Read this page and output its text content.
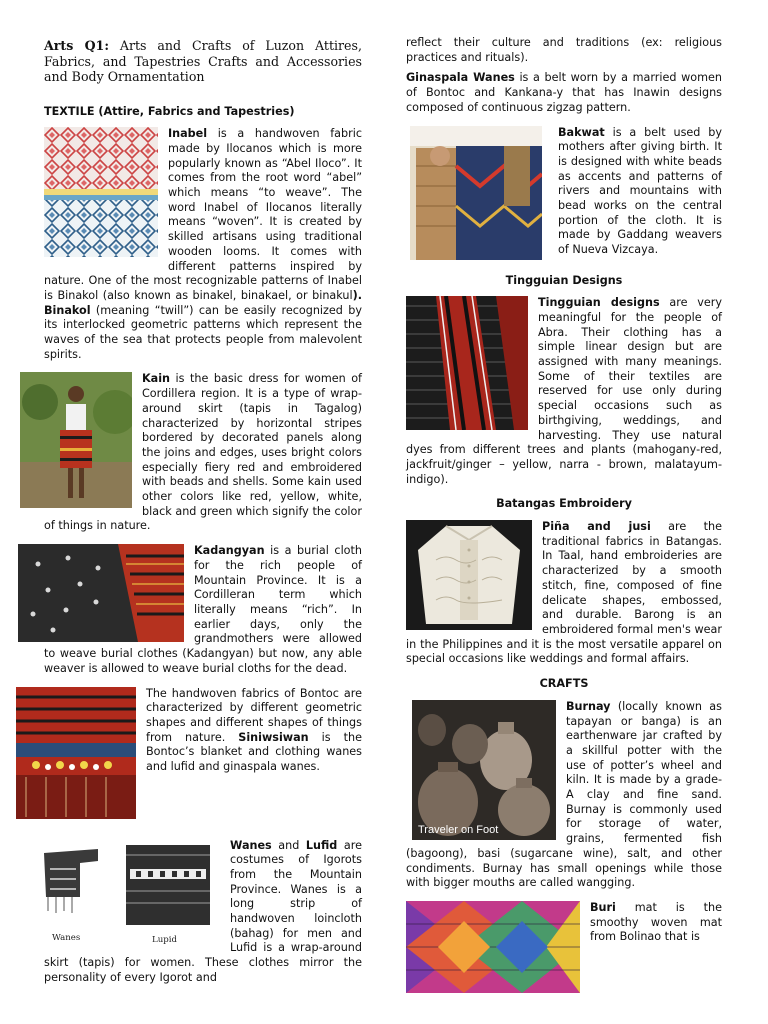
Arts Q1: Arts and Crafts of Luzon Attires, Fabrics, and Tapestries Crafts and Accessories and Body Ornamentation
TEXTILE (Attire, Fabrics and Tapestries)

Inabel is a handwoven fabric made by Ilocanos which is more popularly known as “Abel Iloco”. It comes from the root word “abel” which means “to weave”. The word Inabel of Ilocanos literally means “woven”. It is created by skilled artisans using traditional wooden looms. It comes with different patterns inspired by nature. One of the most recognizable patterns of Inabel is Binakol (also known as binakel, binakael, or binakul). Binakol (meaning “twill”) can be easily recognized by its interlocked geometric patterns which represent the waves of the sea that protects people from malevolent spirits.

Kain is the basic dress for women of Cordillera region. It is a type of wrap-around skirt (tapis in Tagalog) characterized by horizontal stripes bordered by decorated panels along the joins and edges, uses bright colors especially fiery red and embroidered with beads and shells. Some kain used other colors like red, yellow, white, black and green which signify the color of things in nature.

Kadangyan is a burial cloth for the rich people of Mountain Province. It is a Cordilleran term which literally means “rich”. In earlier days, only the grandmothers were allowed to weave burial clothes (Kadangyan) but now, any able weaver is allowed to weave burial cloths for the dead.

The handwoven fabrics of Bontoc are characterized by different geometric shapes and different shapes of things from nature. Siniwsiwan is the Bontoc’s blanket and clothing wanes and lufid and ginaspala wanes.

Wanes	Lupid

Wanes and Lufid are costumes of Igorots from the Mountain Province. Wanes is a long strip of handwoven loincloth (bahag) for men and Lufid is a wrap-around skirt (tapis) for women. These clothes mirror the personality of every Igorot and

reflect their culture and traditions (ex: religious practices and rituals).

Ginaspala Wanes is a belt worn by a married women of Bontoc and Kankana-y that has Inawin designs composed of continuous zigzag pattern.

Bakwat is a belt used by mothers after giving birth. It is designed with white beads as accents and patterns of rivers and mountains with bead works on the central portion of the cloth. It is made by Gaddang weavers of Nueva Vizcaya.

Tingguian Designs

Tingguian designs are very meaningful for the people of Abra. Their clothing has a simple linear design but are assigned with many meanings. Some of their textiles are reserved for use only during special occasions such as birthgiving, weddings, and harvesting. They use natural dyes from different trees and plants (mahogany-red, jackfruit/ginger – yellow, narra - brown, malatayum-indigo).

Batangas Embroidery

Piña and jusi are the traditional fabrics in Batangas. In Taal, hand embroideries are characterized by a smooth stitch, fine, composed of fine delicate shapes, embossed, and durable. Barong is an embroidered formal men's wear in the Philippines and it is the most versatile apparel on special occasions like weddings and formal affairs.

CRAFTS
Traveler on Foot

Burnay (locally known as tapayan or banga) is an earthenware jar crafted by a skillful potter with the use of potter’s wheel and kiln. It is made by a grade-A clay and fine sand. Burnay is commonly used for storage of water, grains, fermented fish (bagoong), basi (sugarcane wine), salt, and other condiments. Burnay has small openings while those with bigger mouths are called wangging.

Buri mat is the smoothy woven mat from Bolinao that is
